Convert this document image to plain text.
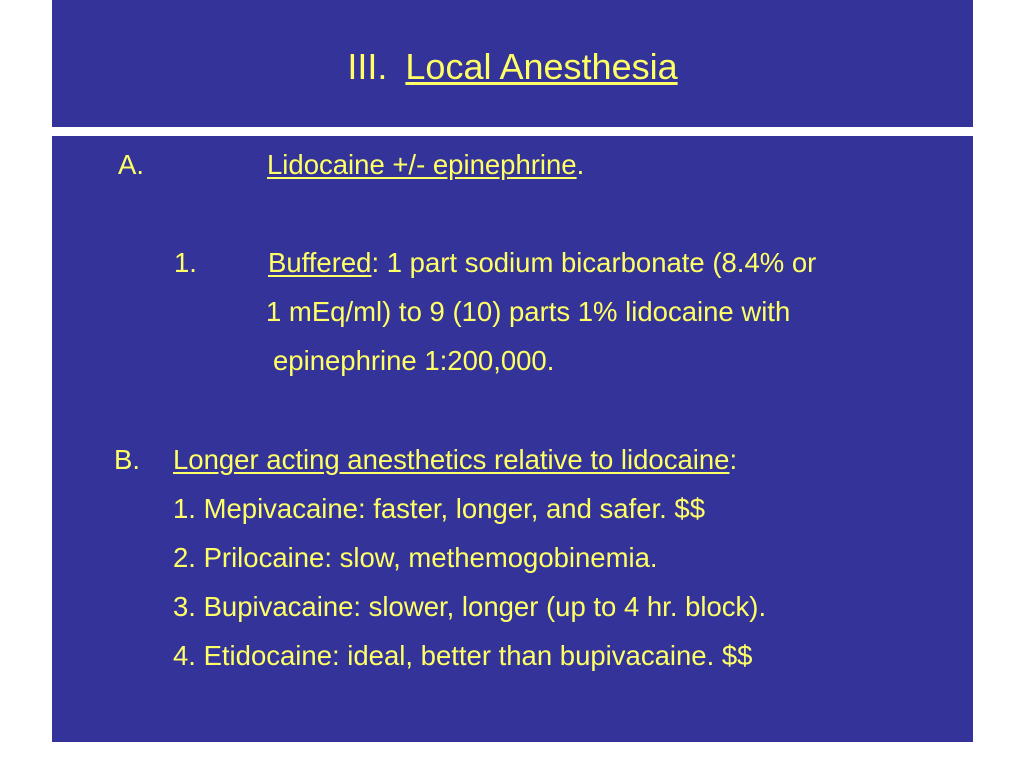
III. Local Anesthesia
A.	Lidocaine +/- epinephrine.
1.	Buffered: 1 part sodium bicarbonate (8.4% or
1 mEq/ml) to 9 (10) parts 1% lidocaine with
epinephrine 1:200,000.
B. Longer acting anesthetics relative to lidocaine:
1. Mepivacaine: faster, longer, and safer. $$
2. Prilocaine: slow, methemogobinemia.
3. Bupivacaine: slower, longer (up to 4 hr. block).
4. Etidocaine: ideal, better than bupivacaine. $$
